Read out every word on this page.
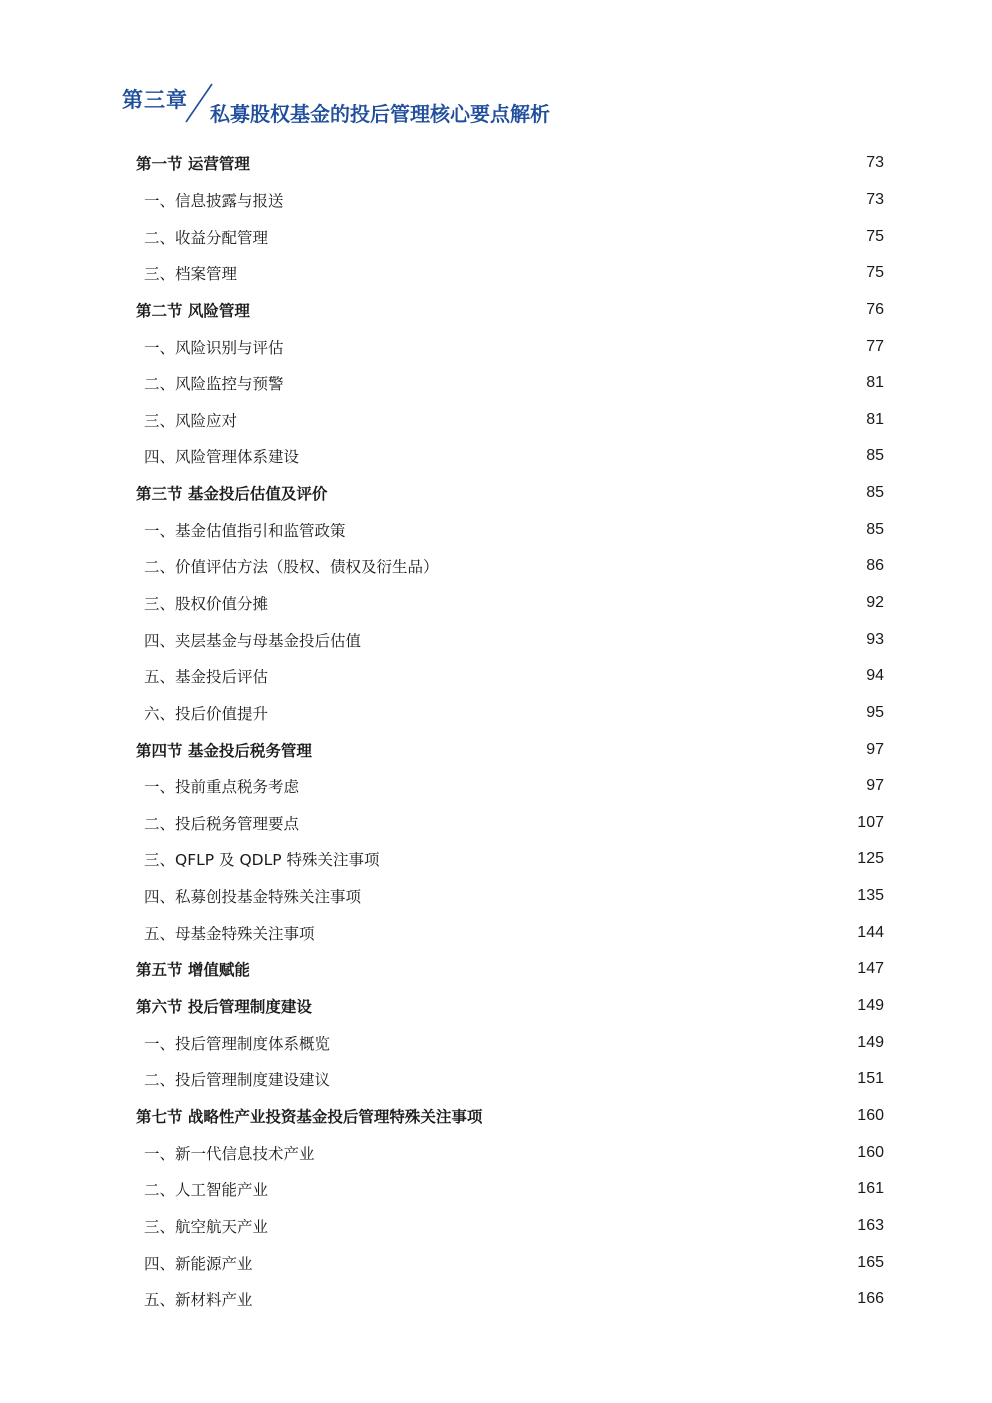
第三章
私募股权基金的投后管理核心要点解析
第一节 运营管理	73
一、信息披露与报送	73
二、收益分配管理	75
三、档案管理	75
第二节 风险管理	76
一、风险识别与评估	77
二、风险监控与预警	81
三、风险应对	81
四、风险管理体系建设	85
第三节 基金投后估值及评价	85
一、基金估值指引和监管政策	85
二、价值评估方法（股权、债权及衍生品）	86
三、股权价值分摊	92
四、夹层基金与母基金投后估值	93
五、基金投后评估	94
六、投后价值提升	95
第四节 基金投后税务管理	97
一、投前重点税务考虑	97
二、投后税务管理要点	107
三、QFLP 及 QDLP 特殊关注事项	125
四、私募创投基金特殊关注事项	135
五、母基金特殊关注事项	144
第五节 增值赋能	147
第六节 投后管理制度建设	149
一、投后管理制度体系概览	149
二、投后管理制度建设建议	151
第七节 战略性产业投资基金投后管理特殊关注事项	160
一、新一代信息技术产业	160
二、人工智能产业	161
三、航空航天产业	163
四、新能源产业	165
五、新材料产业	166
